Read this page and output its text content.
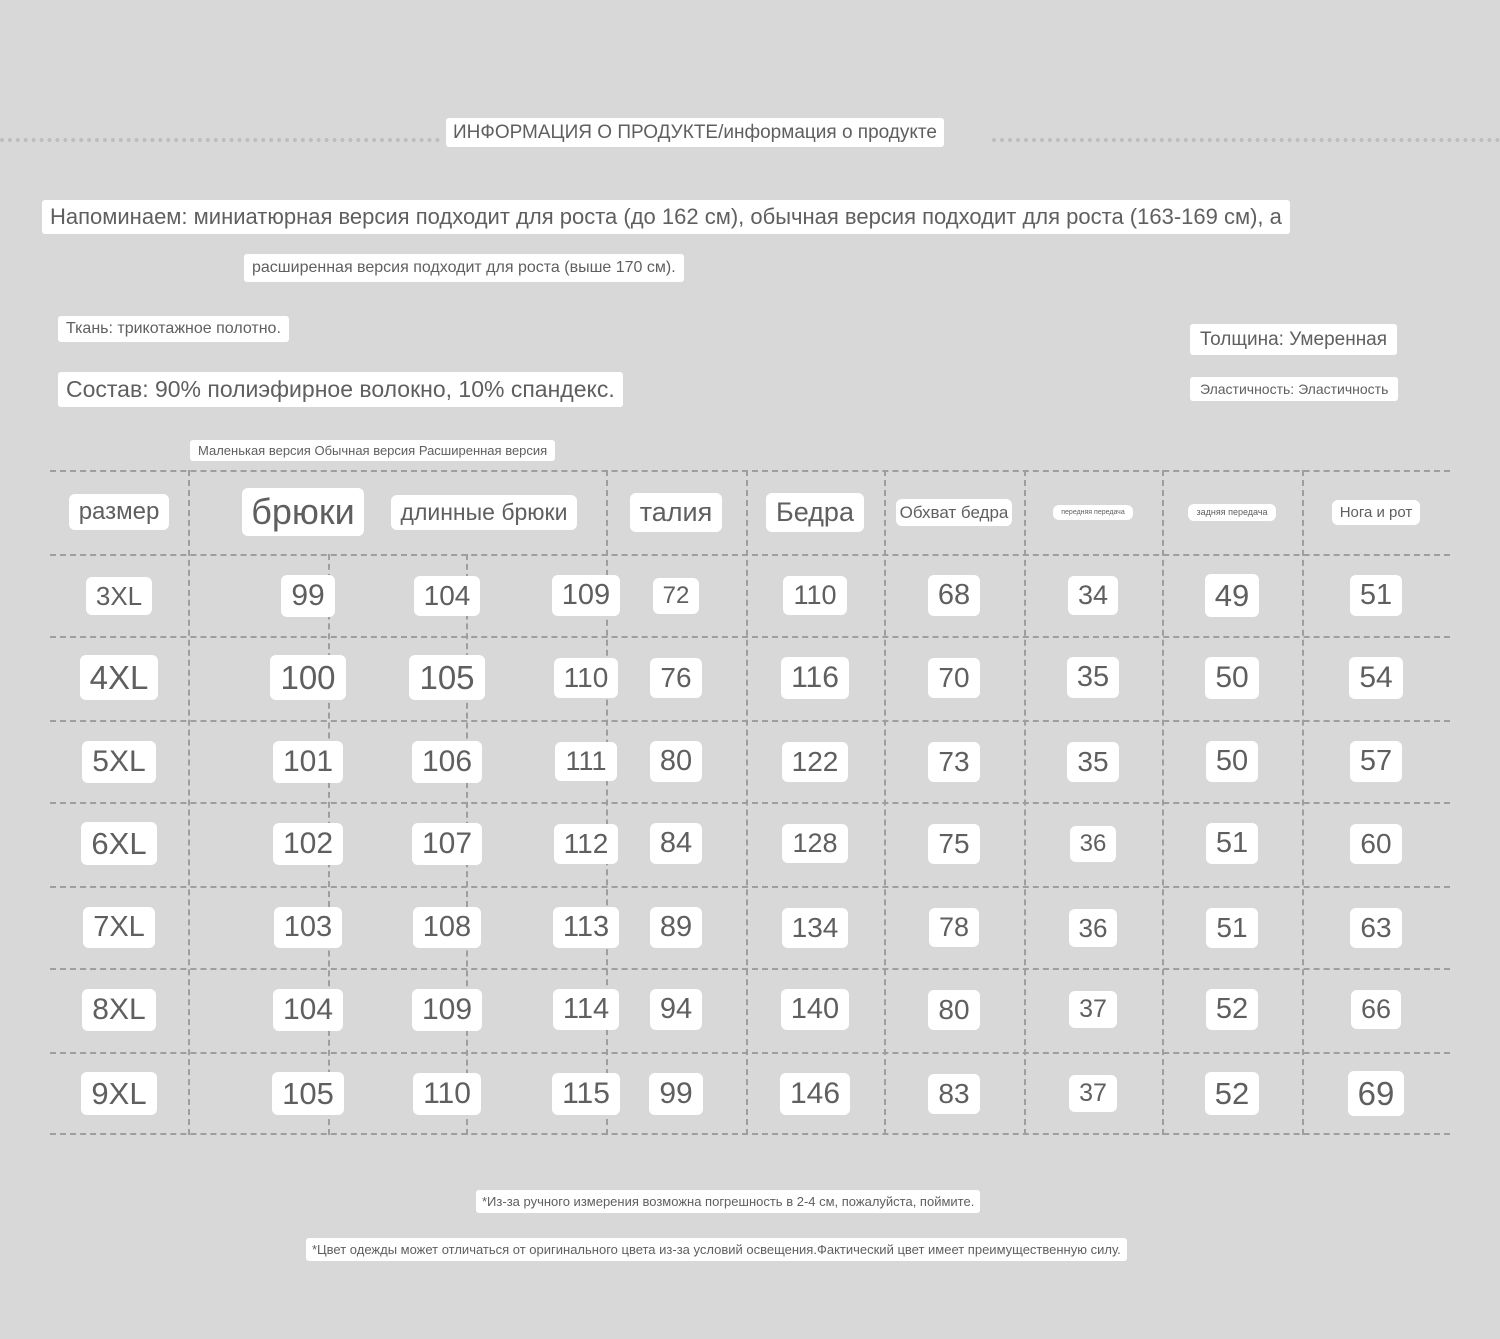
ИНФОРМАЦИЯ О ПРОДУКТЕ/информация о продукте
Напоминаем: миниатюрная версия подходит для роста (до 162 см), обычная версия подходит для роста (163-169 см), а
расширенная версия подходит для роста (выше 170 см).
Ткань: трикотажное полотно.
Состав: 90% полиэфирное волокно, 10% спандекс.
Толщина: Умеренная
Эластичность: Эластичность
Маленькая версия Обычная версия Расширенная версия
размер	брюки	длинные брюки	талия	Бедра	Обхват бедра	передняя передача	задняя передача	Нога и рот
3XL	99	104	109	72	110	68	34	49	51
4XL	100	105	110	76	116	70	35	50	54
5XL	101	106	111	80	122	73	35	50	57
6XL	102	107	112	84	128	75	36	51	60
7XL	103	108	113	89	134	78	36	51	63
8XL	104	109	114	94	140	80	37	52	66
9XL	105	110	115	99	146	83	37	52	69
*Из-за ручного измерения возможна погрешность в 2-4 см, пожалуйста, поймите.
*Цвет одежды может отличаться от оригинального цвета из-за условий освещения.Фактический цвет имеет преимущественную силу.
